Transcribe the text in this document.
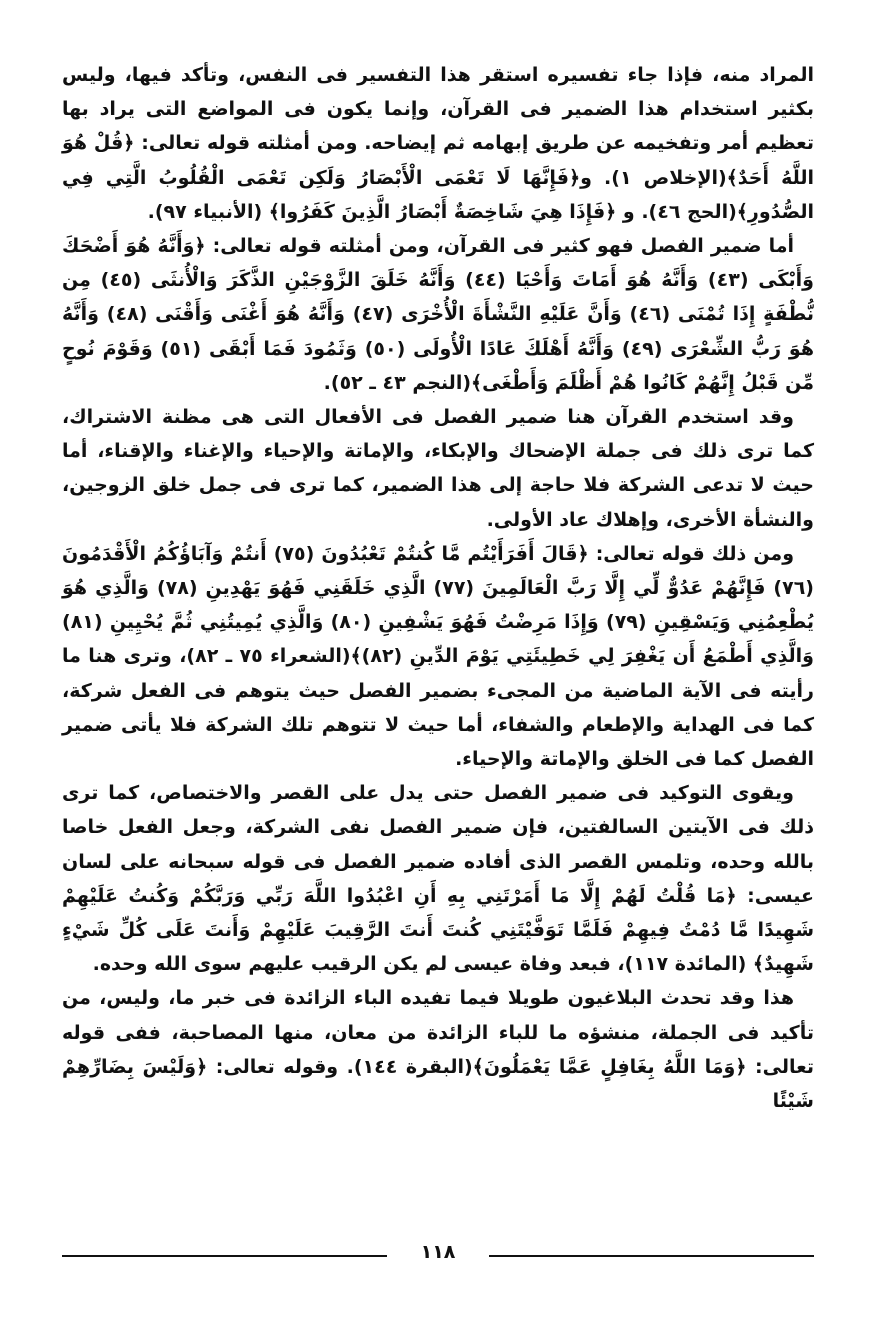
المراد منه، فإذا جاء تفسيره استقر هذا التفسير فى النفس، وتأكد فيها، وليس بكثير استخدام هذا الضمير فى القرآن، وإنما يكون فى المواضع التى يراد بها تعظيم أمر وتفخيمه عن طريق إبهامه ثم إيضاحه. ومن أمثلته قوله تعالى: ﴿قُلْ هُوَ اللَّهُ أَحَدٌ﴾(الإخلاص ١). و﴿فَإِنَّهَا لَا تَعْمَى الْأَبْصَارُ وَلَكِن تَعْمَى الْقُلُوبُ الَّتِي فِي الصُّدُورِ﴾(الحج ٤٦). و ﴿فَإِذَا هِيَ شَاخِصَةٌ أَبْصَارُ الَّذِينَ كَفَرُوا﴾ (الأنبياء ٩٧).

أما ضمير الفصل فهو كثير فى القرآن، ومن أمثلته قوله تعالى: ﴿وَأَنَّهُ هُوَ أَضْحَكَ وَأَبْكَى (٤٣) وَأَنَّهُ هُوَ أَمَاتَ وَأَحْيَا (٤٤) وَأَنَّهُ خَلَقَ الزَّوْجَيْنِ الذَّكَرَ وَالْأُنثَى (٤٥) مِن نُّطْفَةٍ إِذَا تُمْنَى (٤٦) وَأَنَّ عَلَيْهِ النَّشْأَةَ الْأُخْرَى (٤٧) وَأَنَّهُ هُوَ أَغْنَى وَأَقْنَى (٤٨) وَأَنَّهُ هُوَ رَبُّ الشِّعْرَى (٤٩) وَأَنَّهُ أَهْلَكَ عَادًا الْأُولَى (٥٠) وَثَمُودَ فَمَا أَبْقَى (٥١) وَقَوْمَ نُوحٍ مِّن قَبْلُ إِنَّهُمْ كَانُوا هُمْ أَظْلَمَ وَأَطْغَى﴾(النجم ٤٣ ـ ٥٢).

وقد استخدم القرآن هنا ضمير الفصل فى الأفعال التى هى مظنة الاشتراك، كما ترى ذلك فى جملة الإضحاك والإبكاء، والإماتة والإحياء والإغناء والإقناء، أما حيث لا تدعى الشركة فلا حاجة إلى هذا الضمير، كما ترى فى جمل خلق الزوجين، والنشأة الأخرى، وإهلاك عاد الأولى.

ومن ذلك قوله تعالى: ﴿قَالَ أَفَرَأَيْتُم مَّا كُنتُمْ تَعْبُدُونَ (٧٥) أَنتُمْ وَآبَاؤُكُمُ الْأَقْدَمُونَ (٧٦) فَإِنَّهُمْ عَدُوٌّ لِّي إِلَّا رَبَّ الْعَالَمِينَ (٧٧) الَّذِي خَلَقَنِي فَهُوَ يَهْدِينِ (٧٨) وَالَّذِي هُوَ يُطْعِمُنِي وَيَسْقِينِ (٧٩) وَإِذَا مَرِضْتُ فَهُوَ يَشْفِينِ (٨٠) وَالَّذِي يُمِيتُنِي ثُمَّ يُحْيِينِ (٨١) وَالَّذِي أَطْمَعُ أَن يَغْفِرَ لِي خَطِيئَتِي يَوْمَ الدِّينِ (٨٢)﴾(الشعراء ٧٥ ـ ٨٢)، وترى هنا ما رأيته فى الآية الماضية من المجىء بضمير الفصل حيث يتوهم فى الفعل شركة، كما فى الهداية والإطعام والشفاء، أما حيث لا تتوهم تلك الشركة فلا يأتى ضمير الفصل كما فى الخلق والإماتة والإحياء.

ويقوى التوكيد فى ضمير الفصل حتى يدل على القصر والاختصاص، كما ترى ذلك فى الآيتين السالفتين، فإن ضمير الفصل نفى الشركة، وجعل الفعل خاصا بالله وحده، وتلمس القصر الذى أفاده ضمير الفصل فى قوله سبحانه على لسان عيسى: ﴿مَا قُلْتُ لَهُمْ إِلَّا مَا أَمَرْتَنِي بِهِ أَنِ اعْبُدُوا اللَّهَ رَبِّي وَرَبَّكُمْ وَكُنتُ عَلَيْهِمْ شَهِيدًا مَّا دُمْتُ فِيهِمْ فَلَمَّا تَوَفَّيْتَنِي كُنتَ أَنتَ الرَّقِيبَ عَلَيْهِمْ وَأَنتَ عَلَى كُلِّ شَيْءٍ شَهِيدٌ﴾ (المائدة ١١٧)، فبعد وفاة عيسى لم يكن الرقيب عليهم سوى الله وحده.

هذا وقد تحدث البلاغيون طويلا فيما تفيده الباء الزائدة فى خبر ما، وليس، من تأكيد فى الجملة، منشؤه ما للباء الزائدة من معان، منها المصاحبة، ففى قوله تعالى: ﴿وَمَا اللَّهُ بِغَافِلٍ عَمَّا يَعْمَلُونَ﴾(البقرة ١٤٤). وقوله تعالى: ﴿وَلَيْسَ بِضَارِّهِمْ شَيْئًا

١١٨
